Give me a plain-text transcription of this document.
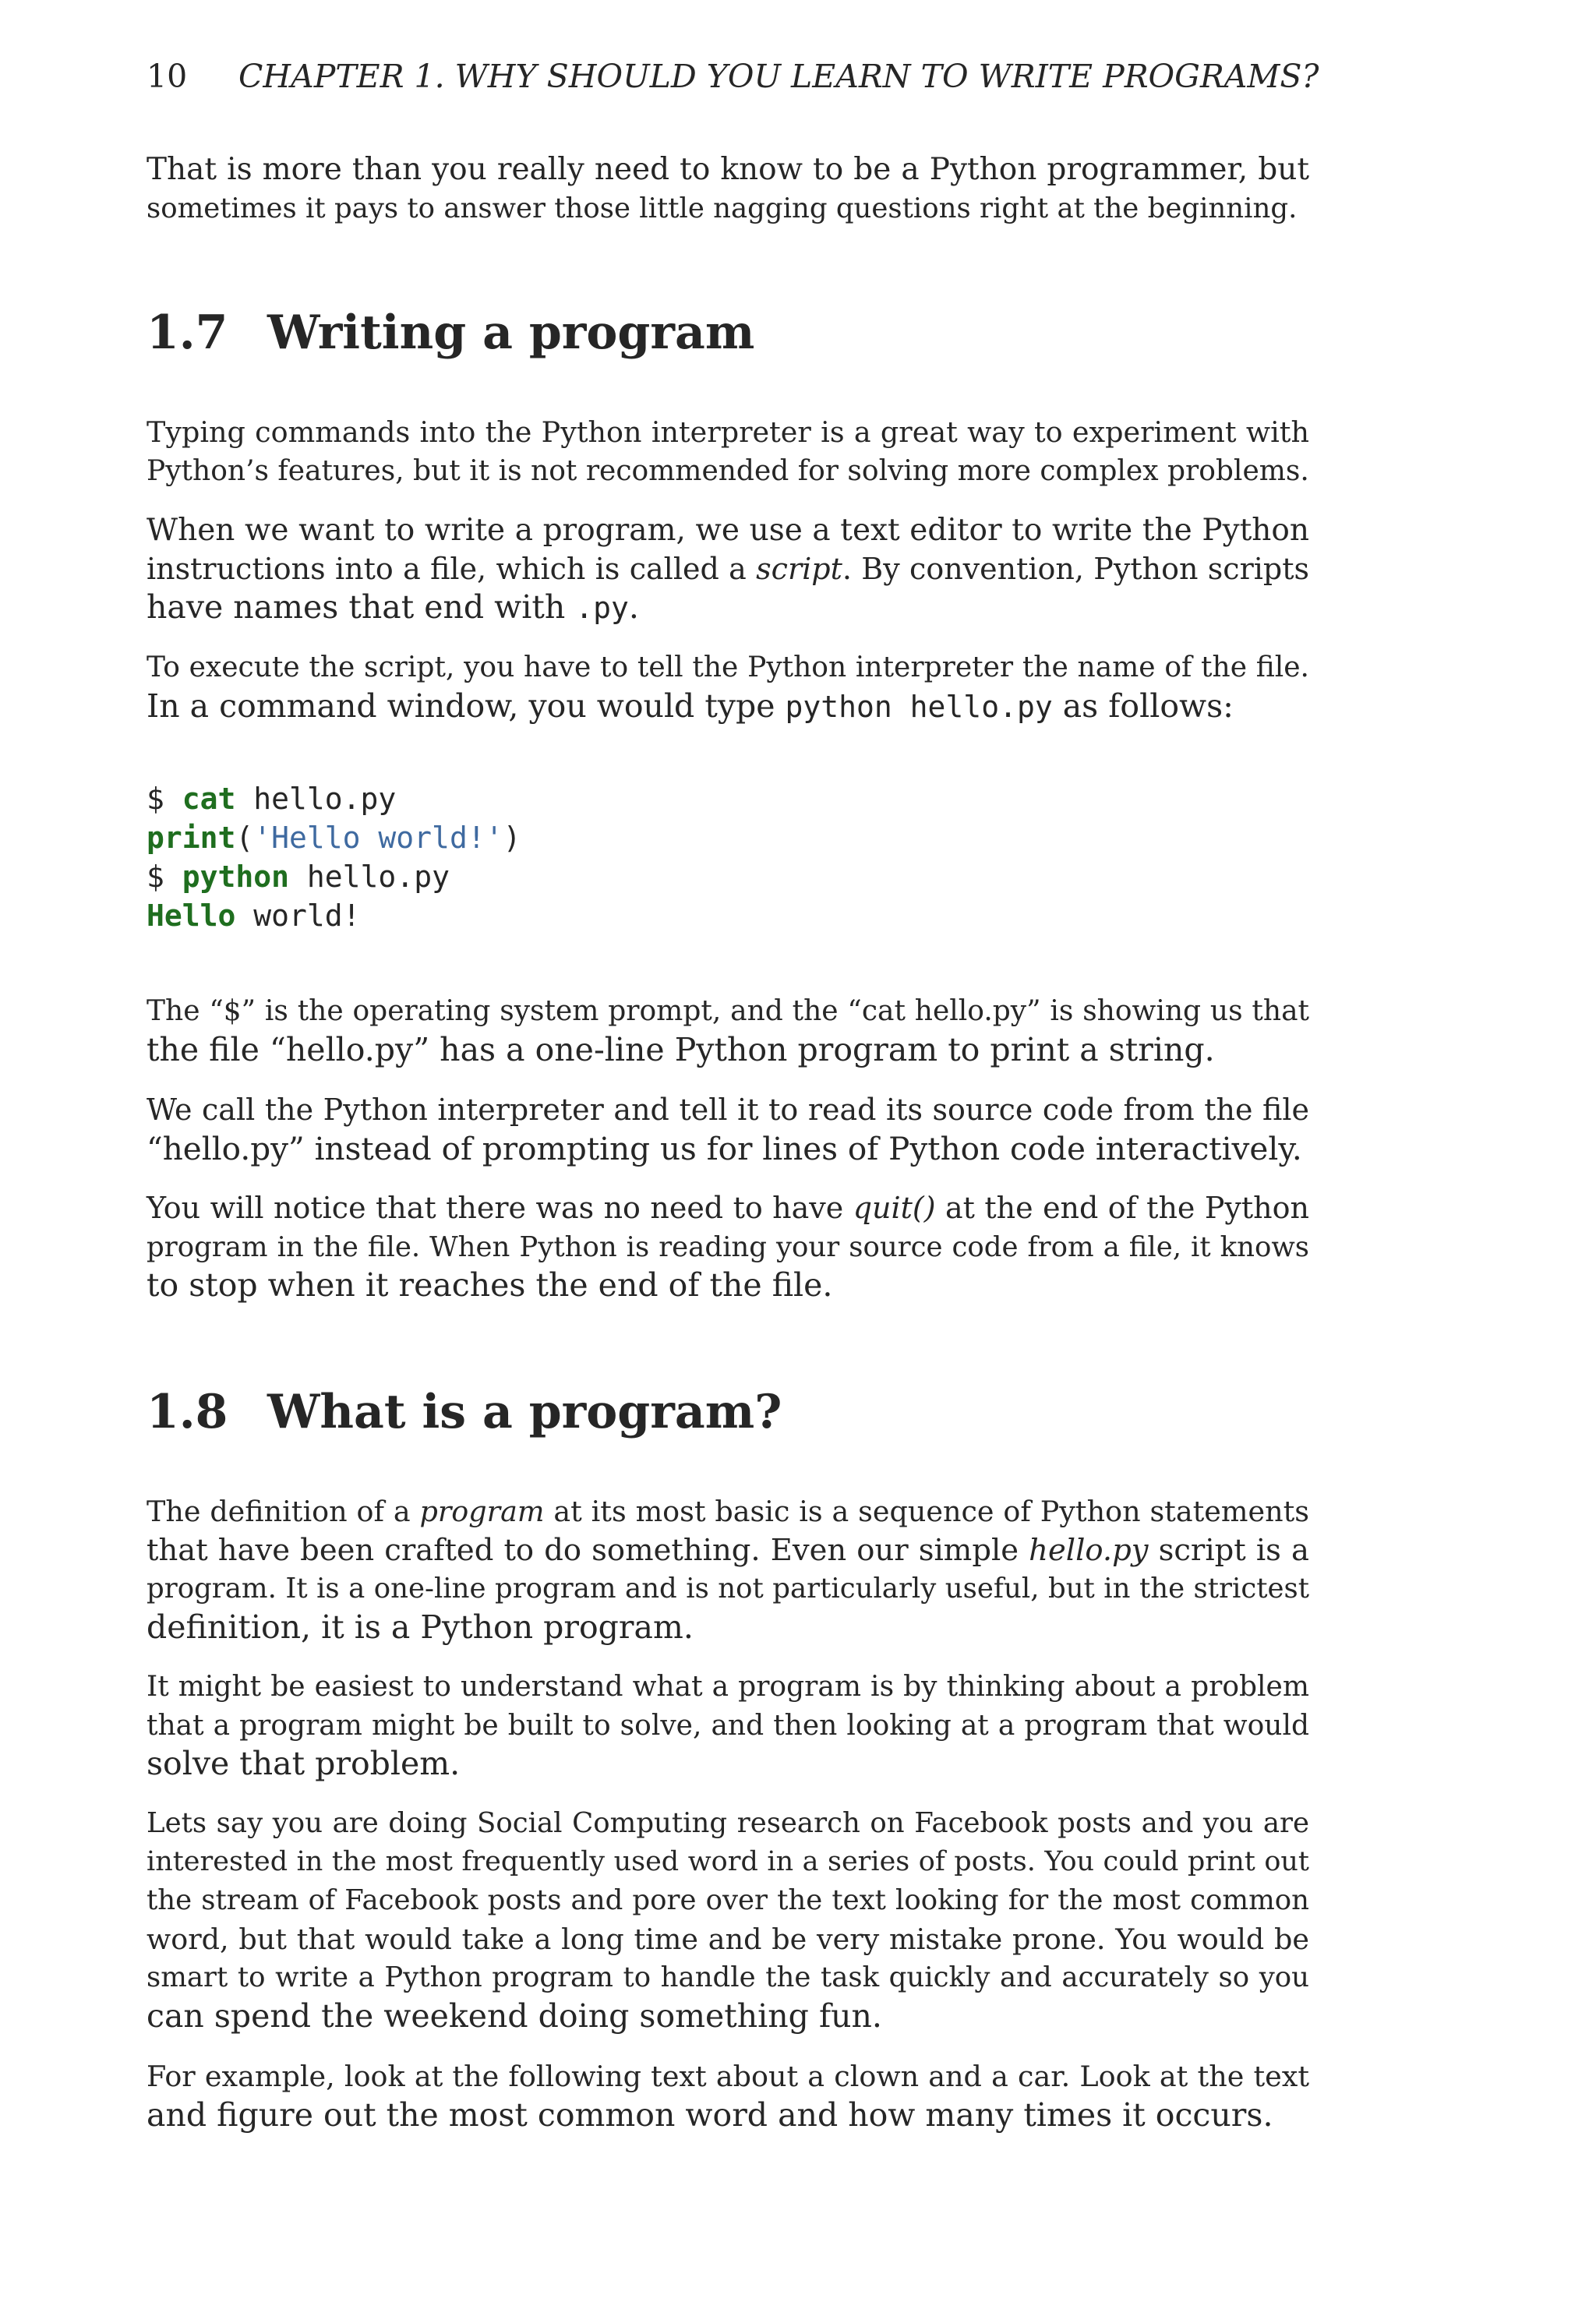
10 CHAPTER 1. WHY SHOULD YOU LEARN TO WRITE PROGRAMS?
That is more than you really need to know to be a Python programmer, but
sometimes it pays to answer those little nagging questions right at the beginning.
1.7 Writing a program
Typing commands into the Python interpreter is a great way to experiment with
Python’s features, but it is not recommended for solving more complex problems.
When we want to write a program, we use a text editor to write the Python
instructions into a file, which is called a script. By convention, Python scripts
have names that end with .py.
To execute the script, you have to tell the Python interpreter the name of the file.
In a command window, you would type python hello.py as follows:
$ cat hello.py
print('Hello world!')
$ python hello.py
Hello world!
The “$” is the operating system prompt, and the “cat hello.py” is showing us that
the file “hello.py” has a one-line Python program to print a string.
We call the Python interpreter and tell it to read its source code from the file
“hello.py” instead of prompting us for lines of Python code interactively.
You will notice that there was no need to have quit() at the end of the Python
program in the file. When Python is reading your source code from a file, it knows
to stop when it reaches the end of the file.
1.8 What is a program?
The definition of a program at its most basic is a sequence of Python statements
that have been crafted to do something. Even our simple hello.py script is a
program. It is a one-line program and is not particularly useful, but in the strictest
definition, it is a Python program.
It might be easiest to understand what a program is by thinking about a problem
that a program might be built to solve, and then looking at a program that would
solve that problem.
Lets say you are doing Social Computing research on Facebook posts and you are
interested in the most frequently used word in a series of posts. You could print out
the stream of Facebook posts and pore over the text looking for the most common
word, but that would take a long time and be very mistake prone. You would be
smart to write a Python program to handle the task quickly and accurately so you
can spend the weekend doing something fun.
For example, look at the following text about a clown and a car. Look at the text
and figure out the most common word and how many times it occurs.
